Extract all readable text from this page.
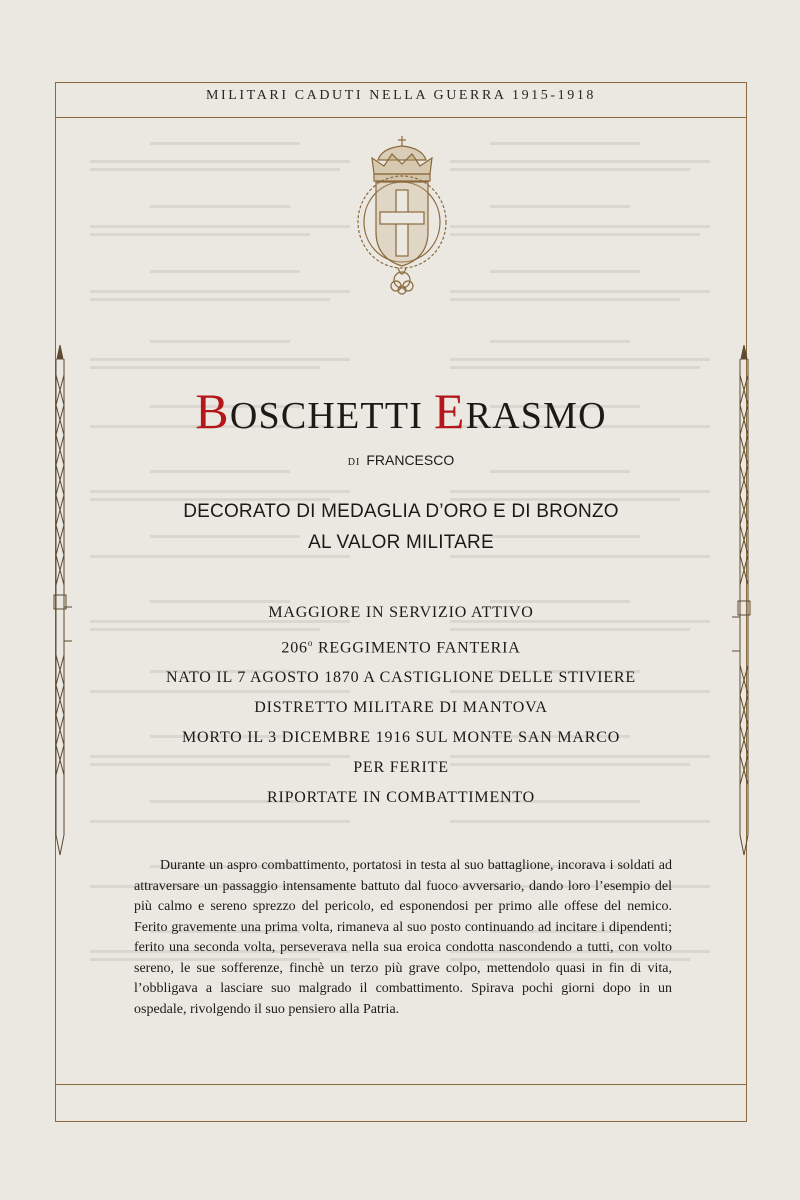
MILITARI CADUTI NELLA GUERRA 1915-1918
BOSCHETTI ERASMO
DI FRANCESCO
DECORATO DI MEDAGLIA D’ORO E DI BRONZO
AL VALOR MILITARE
MAGGIORE IN SERVIZIO ATTIVO
206$^o$ REGGIMENTO FANTERIA
NATO IL 7 AGOSTO 1870 A CASTIGLIONE DELLE STIVIERE
DISTRETTO MILITARE DI MANTOVA
MORTO IL 3 DICEMBRE 1916 SUL MONTE SAN MARCO
PER FERITE
RIPORTATE IN COMBATTIMENTO

Durante un aspro combattimento, portatosi in testa al suo battaglione, incorava i soldati ad attraversare un passaggio intensamente battuto dal fuoco avversario, dando loro l’esempio del più calmo e sereno sprezzo del pericolo, ed esponendosi per primo alle offese del nemico. Ferito gravemente una prima volta, rimaneva al suo posto continuando ad incitare i dipendenti; ferito una seconda volta, perseverava nella sua eroica condotta nascondendo a tutti, con volto sereno, le sue sofferenze, finchè un terzo più grave colpo, mettendolo quasi in fin di vita, l’obbligava a lasciare suo malgrado il combattimento. Spirava pochi giorni dopo in un ospedale, rivolgendo il suo pensiero alla Patria.
